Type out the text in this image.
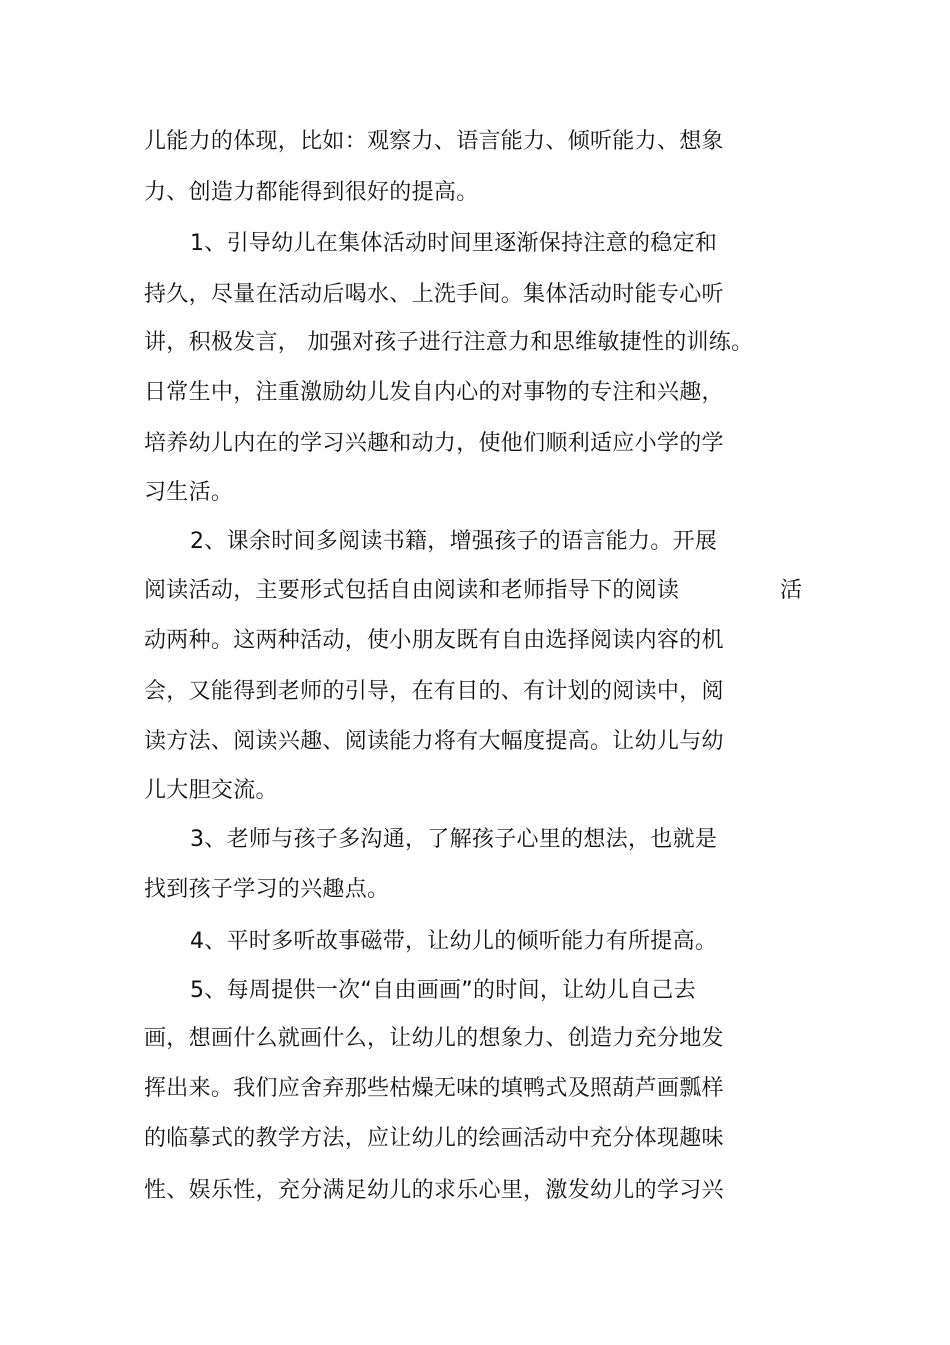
儿能力的体现，比如：观察力、语言能力、倾听能力、想象
力、创造力都能得到很好的提高。
1、引导幼儿在集体活动时间里逐渐保持注意的稳定和
持久，尽量在活动后喝水、上洗手间。集体活动时能专心听
讲，积极发言， 加强对孩子进行注意力和思维敏捷性的训练。
日常生中，注重激励幼儿发自内心的对事物的专注和兴趣，
培养幼儿内在的学习兴趣和动力，使他们顺利适应小学的学
习生活。
2、课余时间多阅读书籍，增强孩子的语言能力。开展
阅读活动，主要形式包括自由阅读和老师指导下的阅读	活
动两种。这两种活动，使小朋友既有自由选择阅读内容的机
会，又能得到老师的引导，在有目的、有计划的阅读中，阅
读方法、阅读兴趣、阅读能力将有大幅度提高。让幼儿与幼
儿大胆交流。
3、老师与孩子多沟通，了解孩子心里的想法，也就是
找到孩子学习的兴趣点。
4、平时多听故事磁带，让幼儿的倾听能力有所提高。
5、每周提供一次“自由画画”的时间，让幼儿自己去
画，想画什么就画什么，让幼儿的想象力、创造力充分地发
挥出来。我们应舍弃那些枯燥无味的填鸭式及照葫芦画瓢样
的临摹式的教学方法，应让幼儿的绘画活动中充分体现趣味
性、娱乐性，充分满足幼儿的求乐心里，激发幼儿的学习兴
